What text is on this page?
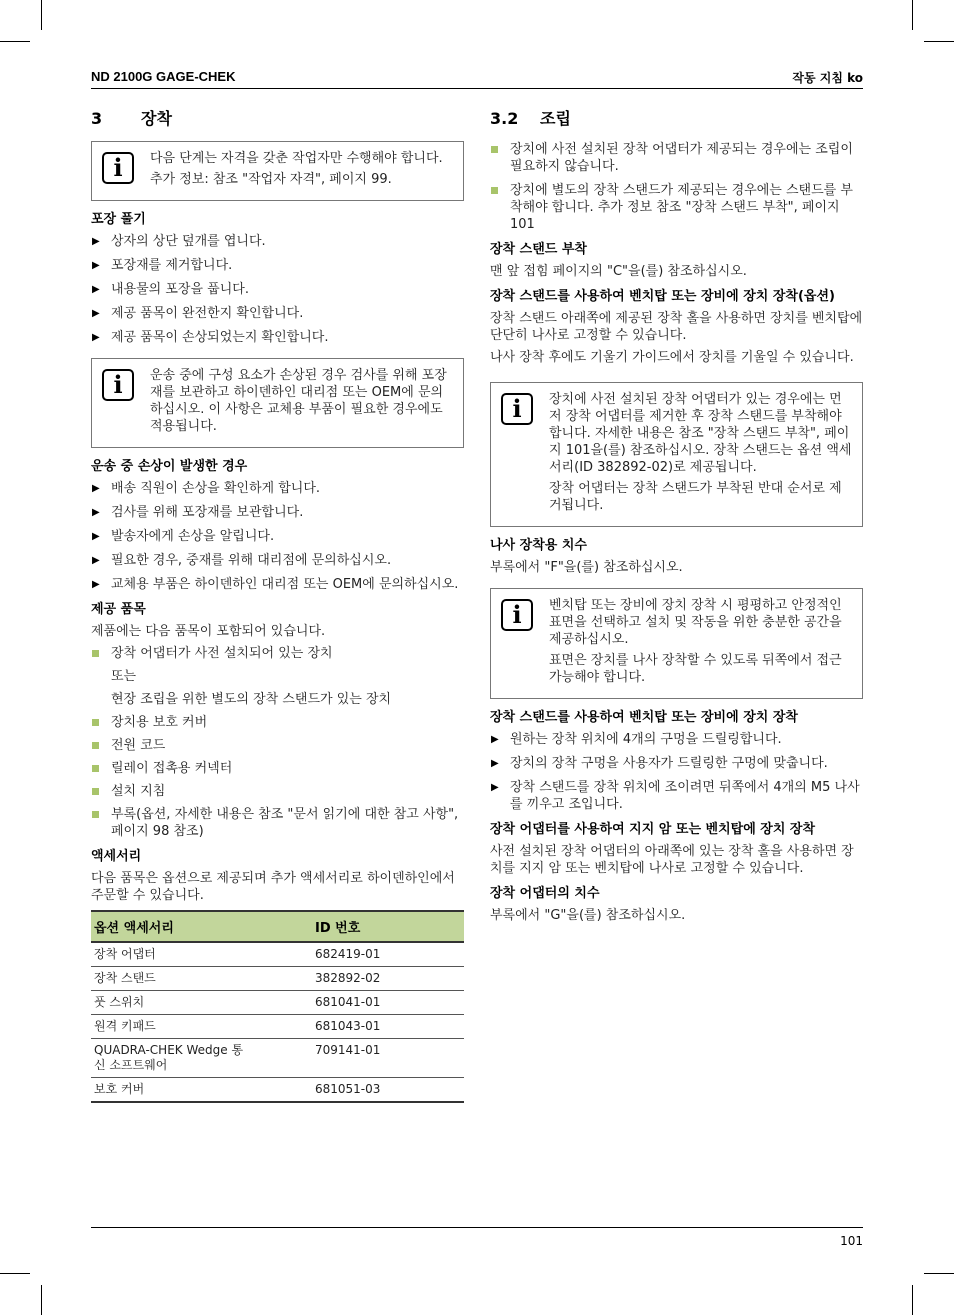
ND 2100G GAGE-CHEK	작동 지침 ko
3 장착
i	다음 단계는 자격을 갖춘 작업자만 수행해야 합니다.

추가 정보: 참조 "작업자 자격", 페이지 99.

포장 풀기
▶ 상자의 상단 덮개를 엽니다.
▶ 포장재를 제거합니다.
▶ 내용물의 포장을 풉니다.
▶ 제공 품목이 완전한지 확인합니다.
▶ 제공 품목이 손상되었는지 확인합니다.
i	운송 중에 구성 요소가 손상된 경우 검사를 위해 포장재를 보관하고 하이덴하인 대리점 또는 OEM에 문의하십시오. 이 사항은 교체용 부품이 필요한 경우에도 적용됩니다.

운송 중 손상이 발생한 경우
▶ 배송 직원이 손상을 확인하게 합니다.
▶ 검사를 위해 포장재를 보관합니다.
▶ 발송자에게 손상을 알립니다.
▶ 필요한 경우, 중재를 위해 대리점에 문의하십시오.
▶ 교체용 부품은 하이덴하인 대리점 또는 OEM에 문의하십시오.
제공 품목

제품에는 다음 품목이 포함되어 있습니다.

장착 어댑터가 사전 설치되어 있는 장치
또는
현장 조립을 위한 별도의 장착 스탠드가 있는 장치
장치용 보호 커버
전원 코드
릴레이 접촉용 커넥터
설치 지침
부록(옵션, 자세한 내용은 참조 "문서 읽기에 대한 참고 사항", 페이지 98 참조)
액세서리

다음 품목은 옵션으로 제공되며 추가 액세서리로 하이덴하인에서 주문할 수 있습니다.

옵션 액세서리	ID 번호
장착 어댑터	682419-01
장착 스탠드	382892-02
풋 스위치	681041-01
원격 키패드	681043-01
QUADRA-CHEK Wedge 통신 소프트웨어	709141-01
보호 커버	681051-03
3.2 조립
장치에 사전 설치된 장착 어댑터가 제공되는 경우에는 조립이 필요하지 않습니다.
장치에 별도의 장착 스탠드가 제공되는 경우에는 스탠드를 부착해야 합니다. 추가 정보 참조 "장착 스탠드 부착", 페이지 101
장착 스탠드 부착

맨 앞 접힘 페이지의 "C"을(를) 참조하십시오.

장착 스탠드를 사용하여 벤치탑 또는 장비에 장치 장착(옵션)

장착 스탠드 아래쪽에 제공된 장착 홀을 사용하면 장치를 벤치탑에 단단히 나사로 고정할 수 있습니다.

나사 장착 후에도 기울기 가이드에서 장치를 기울일 수 있습니다.

i	장치에 사전 설치된 장착 어댑터가 있는 경우에는 먼저 장착 어댑터를 제거한 후 장착 스탠드를 부착해야 합니다. 자세한 내용은 참조 "장착 스탠드 부착", 페이지 101을(를) 참조하십시오. 장착 스탠드는 옵션 액세서리(ID 382892-02)로 제공됩니다.

장착 어댑터는 장착 스탠드가 부착된 반대 순서로 제거됩니다.

나사 장착용 치수

부록에서 "F"을(를) 참조하십시오.

i	벤치탑 또는 장비에 장치 장착 시 평평하고 안정적인 표면을 선택하고 설치 및 작동을 위한 충분한 공간을 제공하십시오.

표면은 장치를 나사 장착할 수 있도록 뒤쪽에서 접근 가능해야 합니다.

장착 스탠드를 사용하여 벤치탑 또는 장비에 장치 장착
▶ 원하는 장착 위치에 4개의 구멍을 드릴링합니다.
▶ 장치의 장착 구멍을 사용자가 드릴링한 구멍에 맞춥니다.
▶ 장착 스탠드를 장착 위치에 조이려면 뒤쪽에서 4개의 M5 나사를 끼우고 조입니다.
장착 어댑터를 사용하여 지지 암 또는 벤치탑에 장치 장착

사전 설치된 장착 어댑터의 아래쪽에 있는 장착 홀을 사용하면 장치를 지지 암 또는 벤치탑에 나사로 고정할 수 있습니다.

장착 어댑터의 치수

부록에서 "G"을(를) 참조하십시오.

101
